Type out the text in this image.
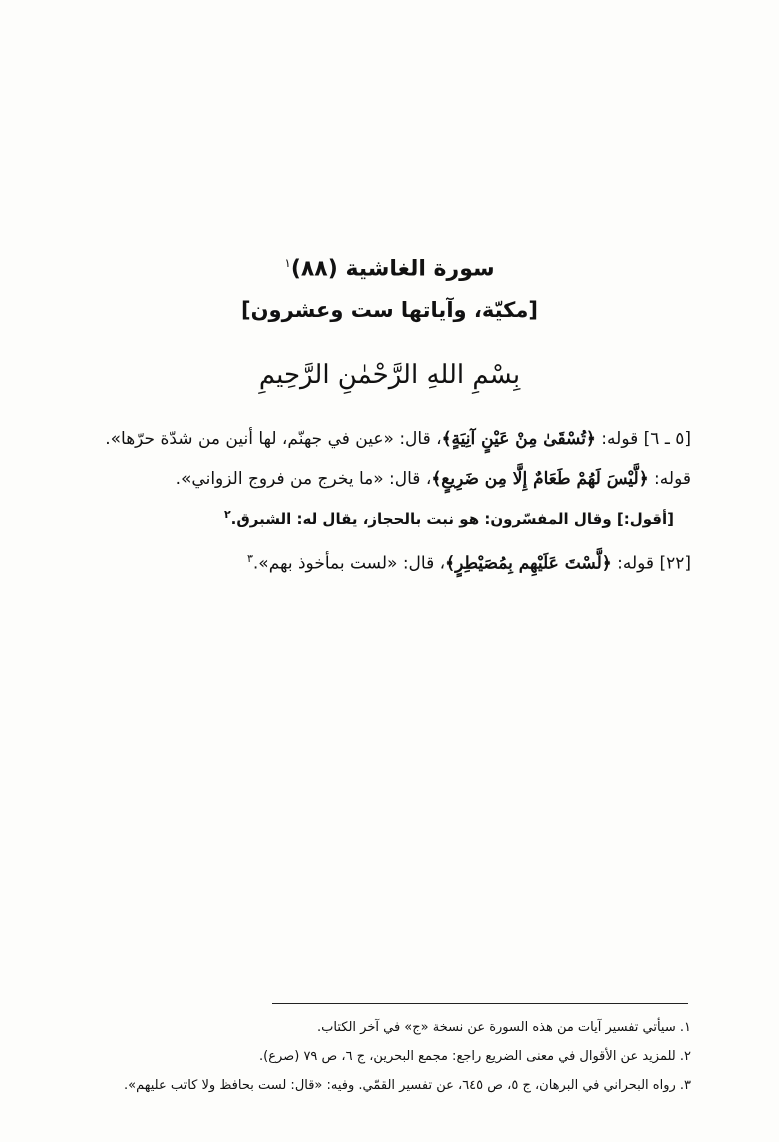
سورة الغاشية (٨٨)$^١$
[مكيّة، وآياتها ست وعشرون]
بِسْمِ اللهِ الرَّحْمٰنِ الرَّحِيمِ
[٥ ـ ٦] قوله: ﴿تُسْقَىٰ مِنْ عَيْنٍ آنِيَةٍ﴾، قال: «عين في جهنّم، لها أنين من شدّة حرّها».
قوله: ﴿لَّيْسَ لَهُمْ طَعَامٌ إِلَّا مِن ضَرِيعٍ﴾، قال: «ما يخرج من فروج الزواني».
[أقول:] وقال المفسّرون: هو نبت بالحجاز، يقال له: الشبرق.$^٢$
[٢٢] قوله: ﴿لَّسْتَ عَلَيْهِم بِمُصَيْطِرٍ﴾، قال: «لست بمأخوذ بهم».$^٣$
١. سيأتي تفسير آيات من هذه السورة عن نسخة «ج» في آخر الكتاب.
٢. للمزيد عن الأقوال في معنى الضريع راجع: مجمع البحرين، ج ٦، ص ٧٩ (صرع).
٣. رواه البحراني في البرهان، ج ٥، ص ٦٤٥، عن تفسير القمّي. وفيه: «قال: لست بحافظ ولا كاتب عليهم».
